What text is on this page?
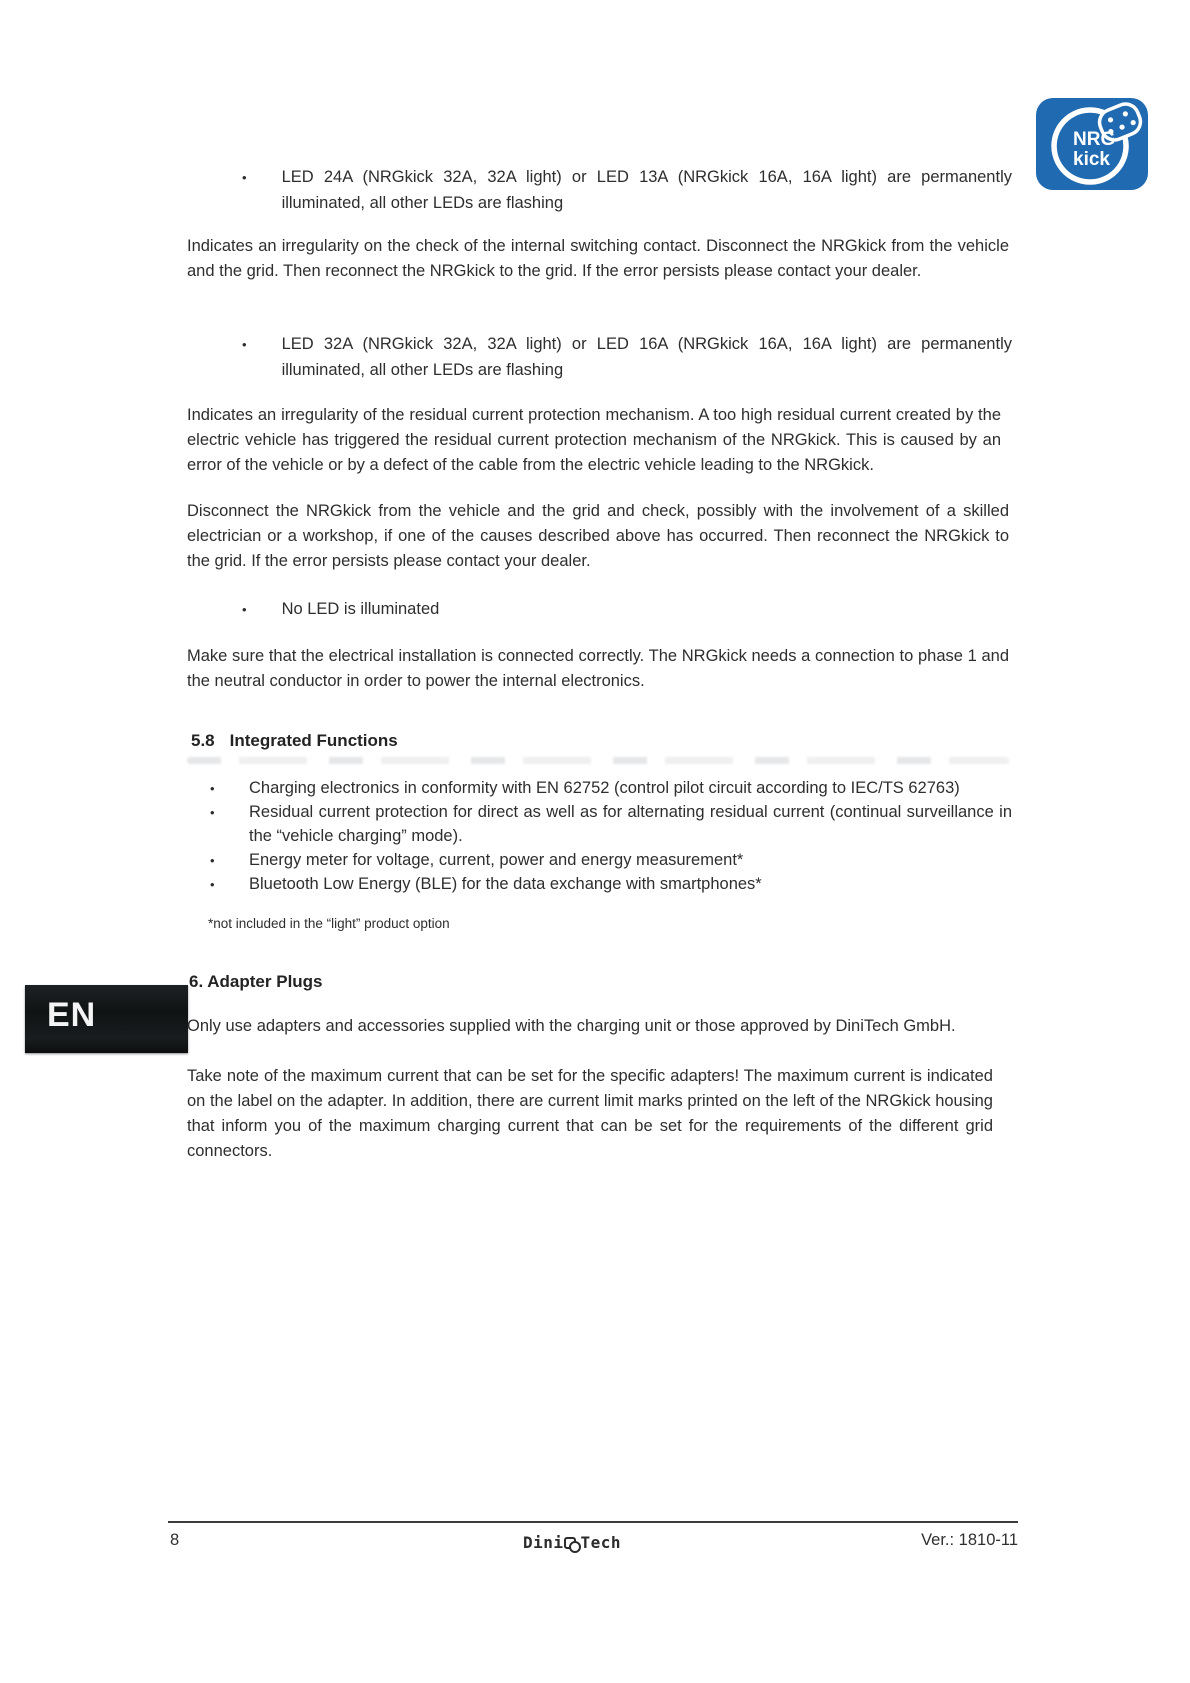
NRG
kick
•
LED 24A (NRGkick 32A, 32A light) or LED 13A (NRGkick 16A, 16A light) are permanently illuminated, all other LEDs are flashing
Indicates an irregularity on the check of the internal switching contact. Disconnect the NRGkick from the vehicle and the grid. Then reconnect the NRGkick to the grid. If the error persists please contact your dealer.
•
LED 32A (NRGkick 32A, 32A light) or LED 16A (NRGkick 16A, 16A light) are permanently illuminated, all other LEDs are flashing
Indicates an irregularity of the residual current protection mechanism. A too high residual current created by the electric vehicle has triggered the residual current protection mechanism of the NRGkick. This is caused by an error of the vehicle or by a defect of the cable from the electric vehicle leading to the NRGkick.
Disconnect the NRGkick from the vehicle and the grid and check, possibly with the involvement of a skilled electrician or a workshop, if one of the causes described above has occurred. Then reconnect the NRGkick to the grid. If the error persists please contact your dealer.
•
No LED is illuminated
Make sure that the electrical installation is connected correctly. The NRGkick needs a connection to phase 1 and the neutral conductor in order to power the internal electronics.
5.8 Integrated Functions
•
Charging electronics in conformity with EN 62752 (control pilot circuit according to IEC/TS 62763)
•
Residual current protection for direct as well as for alternating residual current (continual surveillance in the “vehicle charging” mode).
•
Energy meter for voltage, current, power and energy measurement*
•
Bluetooth Low Energy (BLE) for the data exchange with smartphones*
*not included in the “light” product option
6. Adapter Plugs
EN	Only use adapters and accessories supplied with the charging unit or those approved by DiniTech GmbH.
Take note of the maximum current that can be set for the specific adapters! The maximum current is indicated on the label on the adapter. In addition, there are current limit marks printed on the left of the NRGkick housing that inform you of the maximum charging current that can be set for the requirements of the different grid connectors.
8	Dini Tech	Ver.: 1810-11
